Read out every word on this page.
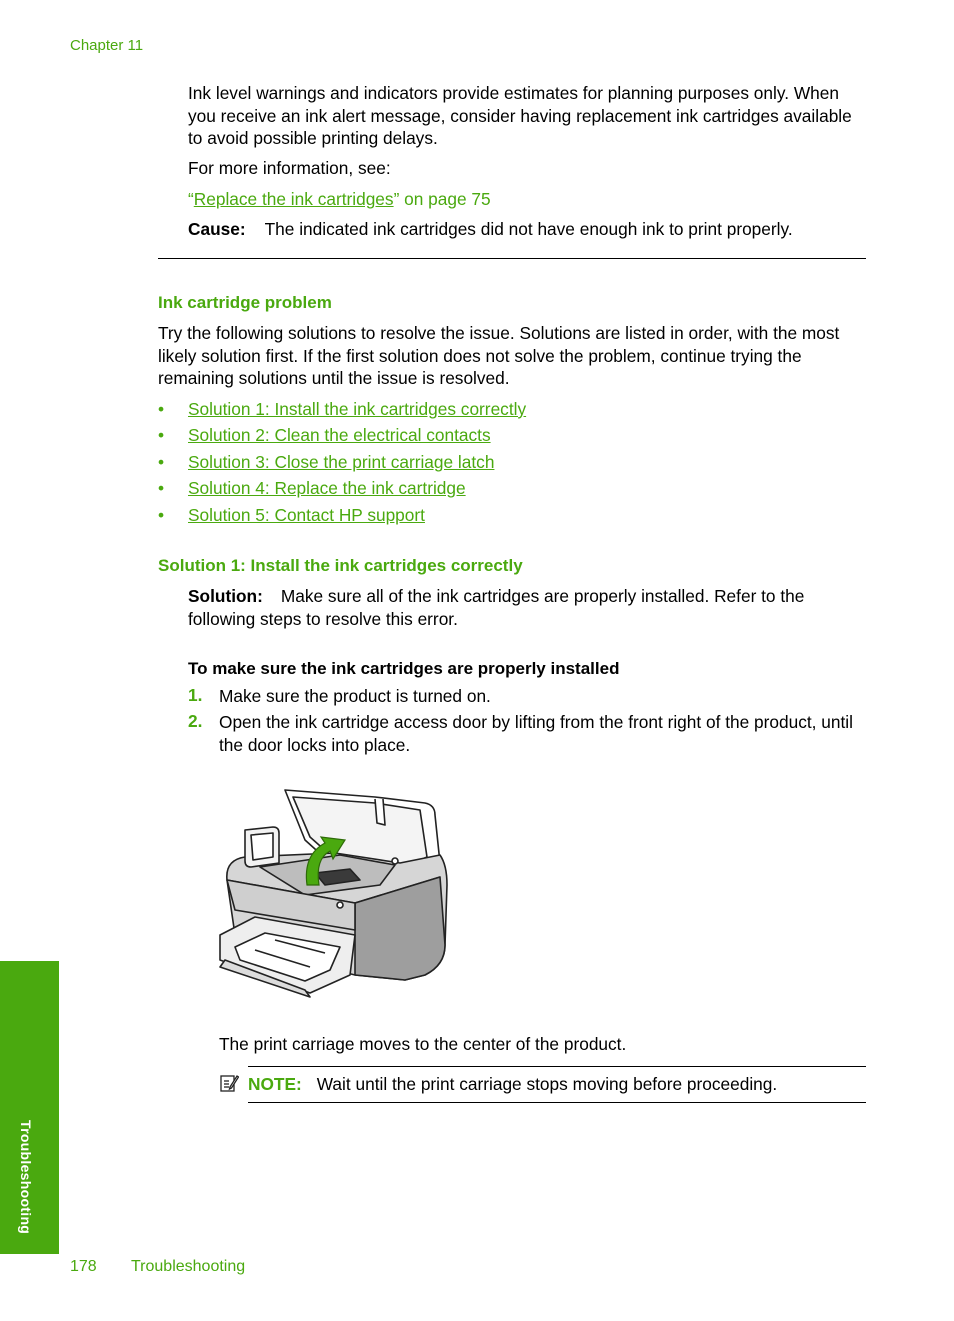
Chapter 11

Ink level warnings and indicators provide estimates for planning purposes only. When you receive an ink alert message, consider having replacement ink cartridges available to avoid possible printing delays.

For more information, see:

“Replace the ink cartridges” on page 75

Cause: The indicated ink cartridges did not have enough ink to print properly.

Ink cartridge problem

Try the following solutions to resolve the issue. Solutions are listed in order, with the most likely solution first. If the first solution does not solve the problem, continue trying the remaining solutions until the issue is resolved.

• Solution 1: Install the ink cartridges correctly
• Solution 2: Clean the electrical contacts
• Solution 3: Close the print carriage latch
• Solution 4: Replace the ink cartridge
• Solution 5: Contact HP support
Solution 1: Install the ink cartridges correctly

Solution: Make sure all of the ink cartridges are properly installed. Refer to the following steps to resolve this error.

To make sure the ink cartridges are properly installed
1. Make sure the product is turned on.

2. Open the ink cartridge access door by lifting from the front right of the product, until the door locks into place.

The print carriage moves to the center of the product.

NOTE: Wait until the print carriage stops moving before proceeding.

Troubleshooting
178 Troubleshooting
